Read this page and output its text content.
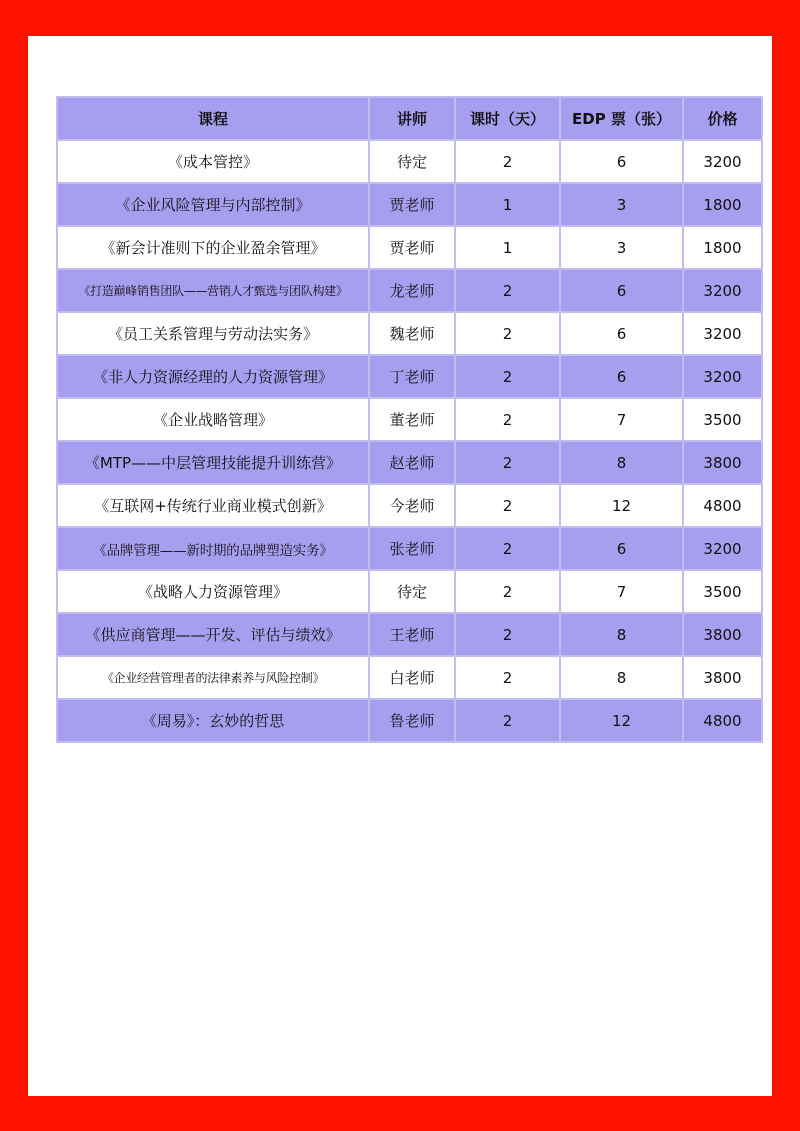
课程	讲师	课时（天）	EDP 票（张）	价格
《成本管控》	待定	2	6	3200
《企业风险管理与内部控制》	贾老师	1	3	1800
《新会计准则下的企业盈余管理》	贾老师	1	3	1800
《打造巅峰销售团队——营销人才甄选与团队构建》	龙老师	2	6	3200
《员工关系管理与劳动法实务》	魏老师	2	6	3200
《非人力资源经理的人力资源管理》	丁老师	2	6	3200
《企业战略管理》	董老师	2	7	3500
《MTP——中层管理技能提升训练营》	赵老师	2	8	3800
《互联网+传统行业商业模式创新》	今老师	2	12	4800
《品牌管理——新时期的品牌塑造实务》	张老师	2	6	3200
《战略人力资源管理》	待定	2	7	3500
《供应商管理——开发、评估与绩效》	王老师	2	8	3800
《企业经营管理者的法律素养与风险控制》	白老师	2	8	3800
《周易》：玄妙的哲思	鲁老师	2	12	4800
